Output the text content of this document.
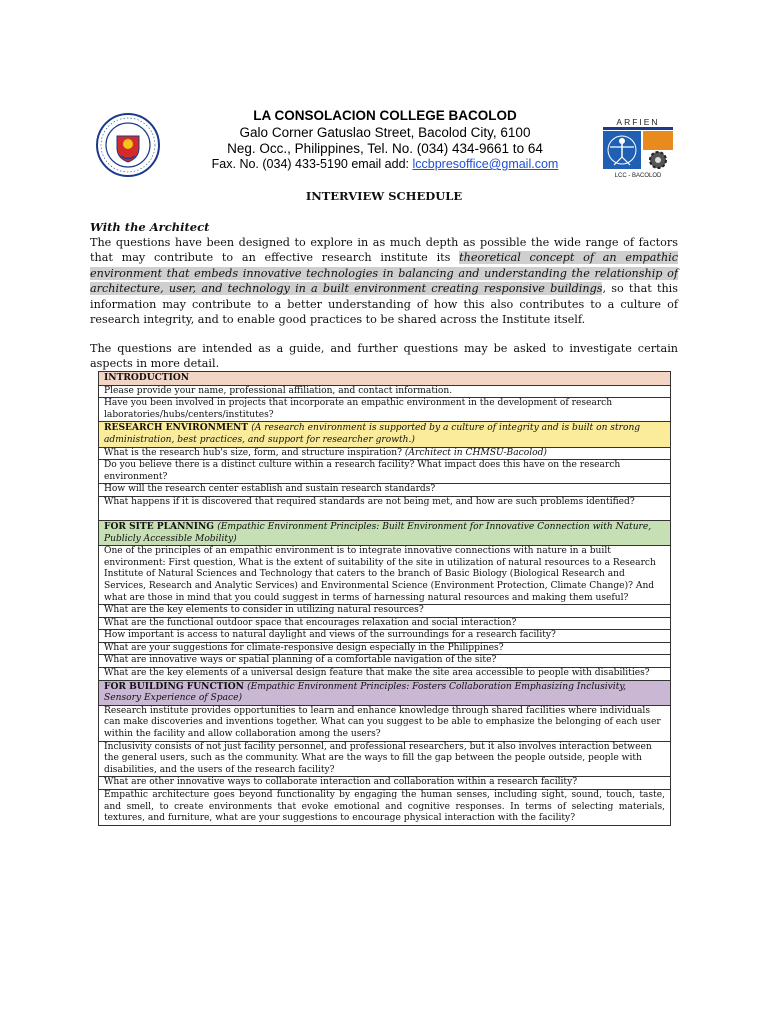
LA CONSOLACION COLLEGE BACOLOD
Galo Corner Gatuslao Street, Bacolod City, 6100
Neg. Occ., Philippines, Tel. No. (034) 434-9661 to 64
Fax. No. (034) 433-5190 email add: lccbpresoffice@gmail.com
ARFIEN
LCC - BACOLOD
INTERVIEW SCHEDULE
With the Architect
The questions have been designed to explore in as much depth as possible the wide range of factors that may contribute to an effective research institute its theoretical concept of an empathic environment that embeds innovative technologies in balancing and understanding the relationship of architecture, user, and technology in a built environment creating responsive buildings, so that this information may contribute to a better understanding of how this also contributes to a culture of research integrity, and to enable good practices to be shared across the Institute itself.
The questions are intended as a guide, and further questions may be asked to investigate certain aspects in more detail.
INTRODUCTION
Please provide your name, professional affiliation, and contact information.
Have you been involved in projects that incorporate an empathic environment in the development of research laboratories/hubs/centers/institutes?
RESEARCH ENVIRONMENT (A research environment is supported by a culture of integrity and is built on strong administration, best practices, and support for researcher growth.)
What is the research hub's size, form, and structure inspiration? (Architect in CHMSU-Bacolod)
Do you believe there is a distinct culture within a research facility? What impact does this have on the research environment?
How will the research center establish and sustain research standards?
What happens if it is discovered that required standards are not being met, and how are such problems identified?
FOR SITE PLANNING (Empathic Environment Principles: Built Environment for Innovative Connection with Nature, Publicly Accessible Mobility)
One of the principles of an empathic environment is to integrate innovative connections with nature in a built environment: First question, What is the extent of suitability of the site in utilization of natural resources to a Research Institute of Natural Sciences and Technology that caters to the branch of Basic Biology (Biological Research and Services, Research and Analytic Services) and Environmental Science (Environment Protection, Climate Change)? And what are those in mind that you could suggest in terms of harnessing natural resources and making them useful?
What are the key elements to consider in utilizing natural resources?
What are the functional outdoor space that encourages relaxation and social interaction?
How important is access to natural daylight and views of the surroundings for a research facility?
What are your suggestions for climate-responsive design especially in the Philippines?
What are innovative ways or spatial planning of a comfortable navigation of the site?
What are the key elements of a universal design feature that make the site area accessible to people with disabilities?
FOR BUILDING FUNCTION (Empathic Environment Principles: Fosters Collaboration Emphasizing Inclusivity, Sensory Experience of Space)
Research institute provides opportunities to learn and enhance knowledge through shared facilities where individuals can make discoveries and inventions together. What can you suggest to be able to emphasize the belonging of each user within the facility and allow collaboration among the users?
Inclusivity consists of not just facility personnel, and professional researchers, but it also involves interaction between the general users, such as the community. What are the ways to fill the gap between the people outside, people with disabilities, and the users of the research facility?
What are other innovative ways to collaborate interaction and collaboration within a research facility?
Empathic architecture goes beyond functionality by engaging the human senses, including sight, sound, touch, taste, and smell, to create environments that evoke emotional and cognitive responses. In terms of selecting materials, textures, and furniture, what are your suggestions to encourage physical interaction with the facility?
